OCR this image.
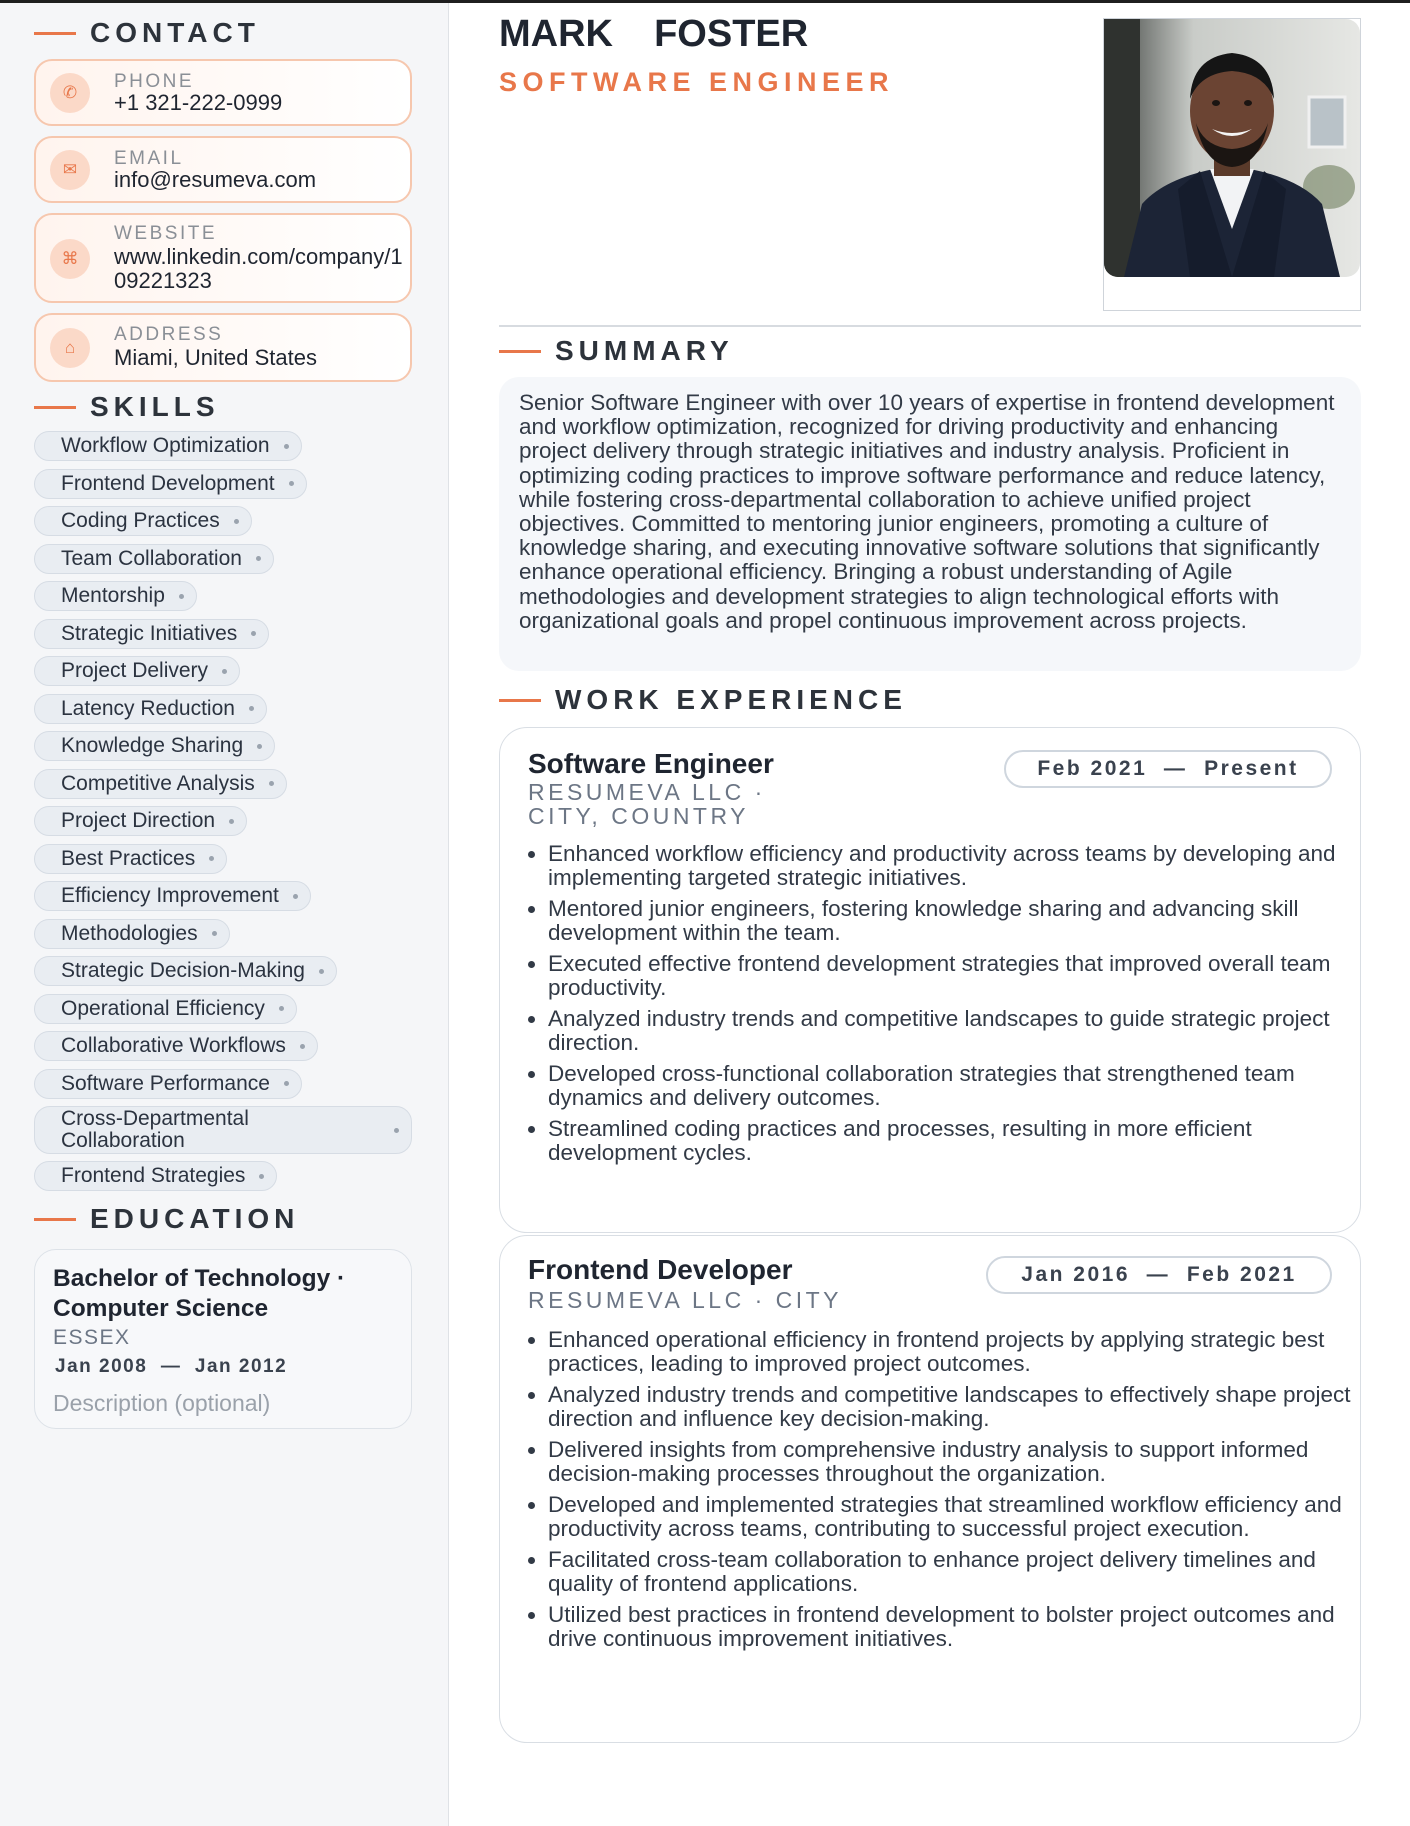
CONTACT
✆
PHONE
+1 321-222-0999
✉
EMAIL
info@resumeva.com
⌘
WEBSITE
www.linkedin.com/company/109221323
⌂
ADDRESS
Miami, United States
SKILLS
Workflow Optimization
Frontend Development
Coding Practices
Team Collaboration
Mentorship
Strategic Initiatives
Project Delivery
Latency Reduction
Knowledge Sharing
Competitive Analysis
Project Direction
Best Practices
Efficiency Improvement
Methodologies
Strategic Decision-Making
Operational Efficiency
Collaborative Workflows
Software Performance
Cross-Departmental Collaboration
Frontend Strategies
EDUCATION
Bachelor of Technology · Computer Science
ESSEX
Jan 2008  —  Jan 2012
Description (optional)
MARK  FOSTER
SOFTWARE ENGINEER
SUMMARY
Senior Software Engineer with over 10 years of expertise in frontend development and workflow optimization, recognized for driving productivity and enhancing project delivery through strategic initiatives and industry analysis. Proficient in optimizing coding practices to improve software performance and reduce latency, while fostering cross-departmental collaboration to achieve unified project objectives. Committed to mentoring junior engineers, promoting a culture of knowledge sharing, and executing innovative software solutions that significantly enhance operational efficiency. Bringing a robust understanding of Agile methodologies and development strategies to align technological efforts with organizational goals and propel continuous improvement across projects.
WORK EXPERIENCE
Software Engineer
RESUMEVA LLC · CITY, COUNTRY
Feb 2021  —  Present
• Enhanced workflow efficiency and productivity across teams by developing and implementing targeted strategic initiatives.
• Mentored junior engineers, fostering knowledge sharing and advancing skill development within the team.
• Executed effective frontend development strategies that improved overall team productivity.
• Analyzed industry trends and competitive landscapes to guide strategic project direction.
• Developed cross-functional collaboration strategies that strengthened team dynamics and delivery outcomes.
• Streamlined coding practices and processes, resulting in more efficient development cycles.
Frontend Developer
RESUMEVA LLC · CITY
Jan 2016  —  Feb 2021
• Enhanced operational efficiency in frontend projects by applying strategic best practices, leading to improved project outcomes.
• Analyzed industry trends and competitive landscapes to effectively shape project direction and influence key decision-making.
• Delivered insights from comprehensive industry analysis to support informed decision-making processes throughout the organization.
• Developed and implemented strategies that streamlined workflow efficiency and productivity across teams, contributing to successful project execution.
• Facilitated cross-team collaboration to enhance project delivery timelines and quality of frontend applications.
• Utilized best practices in frontend development to bolster project outcomes and drive continuous improvement initiatives.
